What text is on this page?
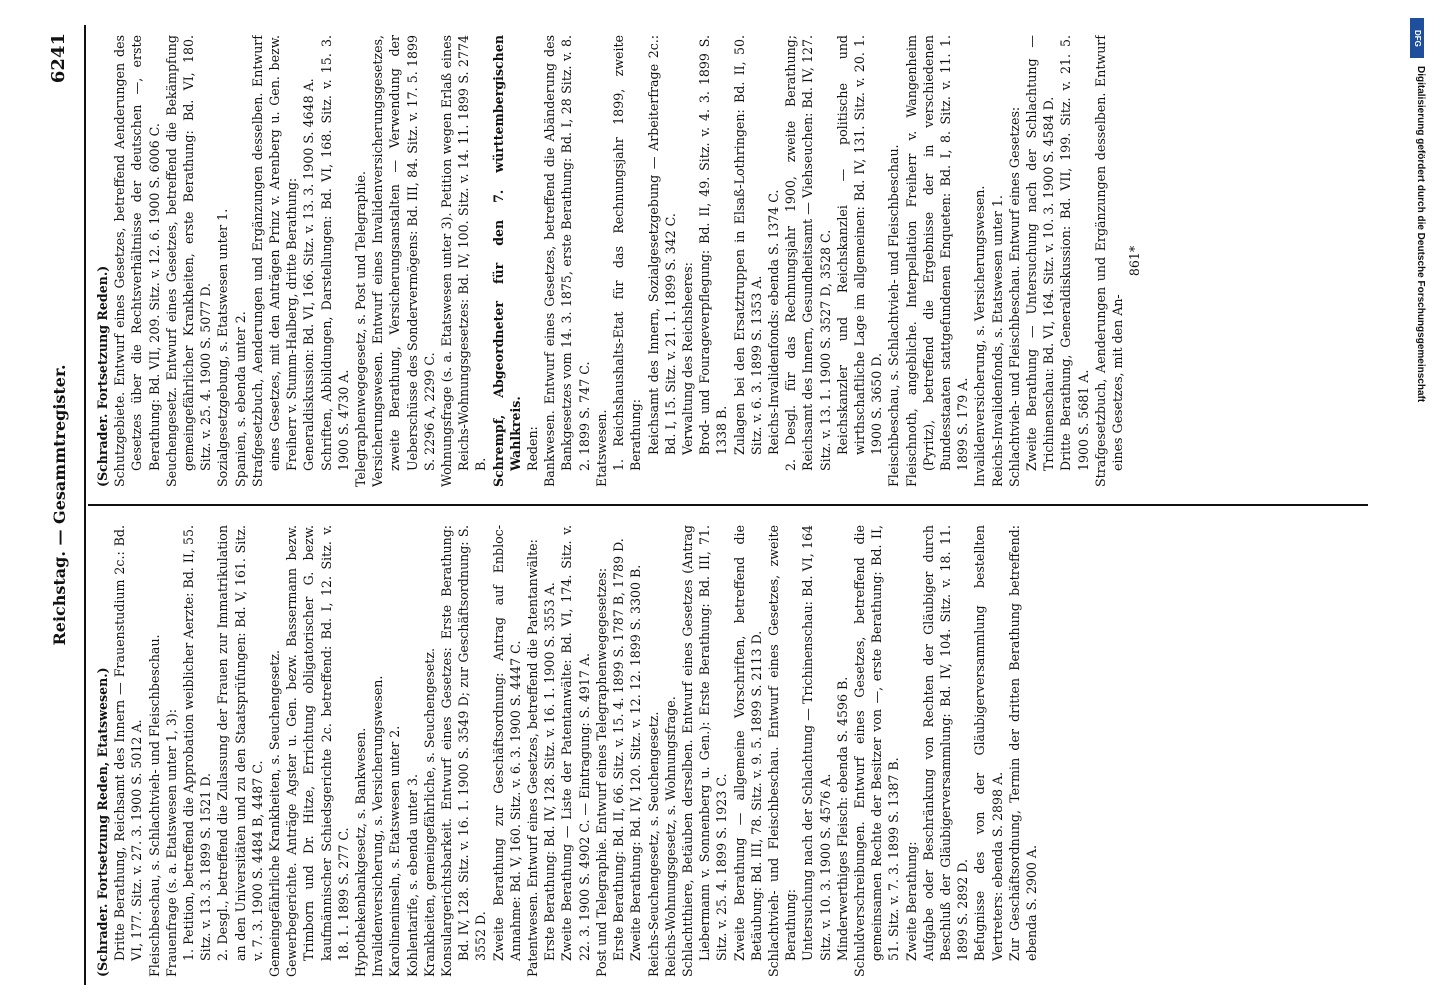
Reichstag. — Gesammtregister.
6241
(Schrader. Fortsetzung Reden, Etatswesen.) Dritte Berathung, Reichsamt des Innern — Frauenstudium 2c.: Bd. VI, 177. Sitz. v. 27. 3. 1900 S. 5012 A. Fleischbeschau, s. Schlachtvieh- und Fleischbeschau. Frauenfrage (s. a. Etatswesen unter 1, 3): 1. Petition, betreffend die Approbation weiblicher Aerzte: Bd. II, 55. Sitz. v. 13. 3. 1899 S. 1521 D. 2. Desgl., betreffend die Zulassung der Frauen zur Immatrikulation an den Universitäten und zu den Staatsprüfungen: Bd. V, 161. Sitz. v. 7. 3. 1900 S. 4484 B, 4487 C. Gemeingefährliche Krankheiten, s. Seuchengesetz. Gewerbegerichte. Anträge Agster u. Gen. bezw. Bassermann bezw. Trimborn und Dr. Hitze, Errichtung obligatorischer G. bezw. kaufmännischer Schiedsgerichte 2c. betreffend: Bd. I, 12. Sitz. v. 18. 1. 1899 S. 277 C. Hypothekenbankgesetz, s. Bankwesen. Invalidenversicherung, s. Versicherungswesen. Karolineninseln, s. Etatswesen unter 2. Kohlentarife, s. ebenda unter 3. Krankheiten, gemeingefährliche, s. Seuchengesetz. Konsulargerichtsbarkeit. Entwurf eines Gesetzes: Erste Berathung: Bd. IV, 128. Sitz. v. 16. 1. 1900 S. 3549 D; zur Geschäftsordnung: S. 3552 D. Zweite Berathung zur Geschäftsordnung: Antrag auf Enbloc-Annahme: Bd. V, 160. Sitz. v. 6. 3. 1900 S. 4447 C. Patentwesen. Entwurf eines Gesetzes, betreffend die Patentanwälte: Erste Berathung: Bd. IV, 128. Sitz. v. 16. 1. 1900 S. 3553 A. Zweite Berathung — Liste der Patentanwälte: Bd. VI, 174. Sitz. v. 22. 3. 1900 S. 4902 C. — Eintragung: S. 4917 A. Post und Telegraphie. Entwurf eines Telegraphenwegegesetzes: Erste Berathung: Bd. II, 66. Sitz. v. 15. 4. 1899 S. 1787 B, 1789 D. Zweite Berathung: Bd. IV, 120. Sitz. v. 12. 12. 1899 S. 3300 B. Reichs-Seuchengesetz, s. Seuchengesetz. Reichs-Wohnungsgesetz, s. Wohnungsfrage. Schlachtthiere, Betäuben derselben. Entwurf eines Gesetzes (Antrag Liebermann v. Sonnenberg u. Gen.): Erste Berathung: Bd. III, 71. Sitz. v. 25. 4. 1899 S. 1923 C. Zweite Berathung — allgemeine Vorschriften, betreffend die Betäubung: Bd. III, 78. Sitz. v. 9. 5. 1899 S. 2113 D. Schlachtvieh- und Fleischbeschau. Entwurf eines Gesetzes, zweite Berathung: Untersuchung nach der Schlachtung — Trichinenschau: Bd. VI, 164 Sitz. v. 10. 3. 1900 S. 4576 A. Minderwerthiges Fleisch: ebenda S. 4596 B. Schuldverschreibungen. Entwurf eines Gesetzes, betreffend die gemeinsamen Rechte der Besitzer von —, erste Berathung: Bd. II, 51. Sitz. v. 7. 3. 1899 S. 1387 B. Zweite Berathung: Aufgabe oder Beschränkung von Rechten der Gläubiger durch Beschluß der Gläubigerversammlung: Bd. IV, 104. Sitz. v. 18. 11. 1899 S. 2892 D. Befugnisse des von der Gläubigerversammlung bestellten Vertreters: ebenda S. 2898 A. Zur Geschäftsordnung, Termin der dritten Berathung betreffend: ebenda S. 2900 A.
(Schrader. Fortsetzung Reden.) Schutzgebiete. Entwurf eines Gesetzes, betreffend Aenderungen des Gesetzes über die Rechtsverhältnisse der deutschen —, erste Berathung: Bd. VII, 209. Sitz. v. 12. 6. 1900 S. 6006 C. Seuchengesetz. Entwurf eines Gesetzes, betreffend die Bekämpfung gemeingefährlicher Krankheiten, erste Berathung: Bd. VI, 180. Sitz. v. 25. 4. 1900 S. 5077 D. Sozialgesetzgebung, s. Etatswesen unter 1. Spanien, s. ebenda unter 2. Strafgesetzbuch, Aenderungen und Ergänzungen desselben. Entwurf eines Gesetzes, mit den Anträgen Prinz v. Arenberg u. Gen. bezw. Freiherr v. Stumm-Halberg, dritte Berathung: Generaldiskussion: Bd. VI, 166. Sitz. v. 13. 3. 1900 S. 4648 A. Schriften, Abbildungen, Darstellungen: Bd. VI, 168. Sitz. v. 15. 3. 1900 S. 4730 A. Telegraphenwegegesetz, s. Post und Telegraphie. Versicherungswesen. Entwurf eines Invalidenversicherungsgesetzes, zweite Berathung, Versicherungsanstalten — Verwendung der Ueberschüsse des Sondervermögens: Bd. III, 84. Sitz. v. 17. 5. 1899 S. 2296 A, 2299 C. Wohnungsfrage (s. a. Etatswesen unter 3). Petition wegen Erlaß eines Reichs-Wohnungsgesetzes: Bd. IV, 100. Sitz. v. 14. 11. 1899 S. 2774 B. Schrempf, Abgeordneter für den 7. württembergischen Wahlkreis. Reden: Bankwesen. Entwurf eines Gesetzes, betreffend die Abänderung des Bankgesetzes vom 14. 3. 1875, erste Berathung: Bd. I, 28 Sitz. v. 8. 2. 1899 S. 747 C. Etatswesen. 1. Reichshaushalts-Etat für das Rechnungsjahr 1899, zweite Berathung: Reichsamt des Innern, Sozialgesetzgebung — Arbeiterfrage 2c.: Bd. I, 15. Sitz. v. 21. 1. 1899 S. 342 C. Verwaltung des Reichsheeres: Brod- und Fourageverpflegung: Bd. II, 49. Sitz. v. 4. 3. 1899 S. 1338 B. Zulagen bei den Ersatztruppen in Elsaß-Lothringen: Bd. II, 50. Sitz. v. 6. 3. 1899 S. 1353 A. Reichs-Invalidenfonds: ebenda S. 1374 C. 2. Desgl. für das Rechnungsjahr 1900, zweite Berathung; Reichsamt des Innern, Gesundheitsamt — Viehseuchen: Bd. IV, 127. Sitz. v. 13. 1. 1900 S. 3527 D, 3528 C. Reichskanzler und Reichskanzlei — politische und wirthschaftliche Lage im allgemeinen: Bd. IV, 131. Sitz. v. 20. 1. 1900 S. 3650 D. Fleischbeschau, s. Schlachtvieh- und Fleischbeschau. Fleischnoth, angebliche. Interpellation Freiherr v. Wangenheim (Pyritz), betreffend die Ergebnisse der in verschiedenen Bundesstaaten stattgefundenen Enqueten: Bd. I, 8. Sitz. v. 11. 1. 1899 S. 179 A. Invalidenversicherung, s. Versicherungswesen. Reichs-Invalidenfonds, s. Etatswesen unter 1. Schlachtvieh- und Fleischbeschau. Entwurf eines Gesetzes: Zweite Berathung — Untersuchung nach der Schlachtung — Trichinenschau: Bd. VI, 164. Sitz. v. 10. 3. 1900 S. 4584 D. Dritte Berathung, Generaldiskussion: Bd. VII, 199. Sitz. v. 21. 5. 1900 S. 5681 A. Strafgesetzbuch, Aenderungen und Ergänzungen desselben. Entwurf eines Gesetzes, mit den An-
861*
DFG
Digitalisierung gefördert durch die Deutsche Forschungsgemeinschaft
